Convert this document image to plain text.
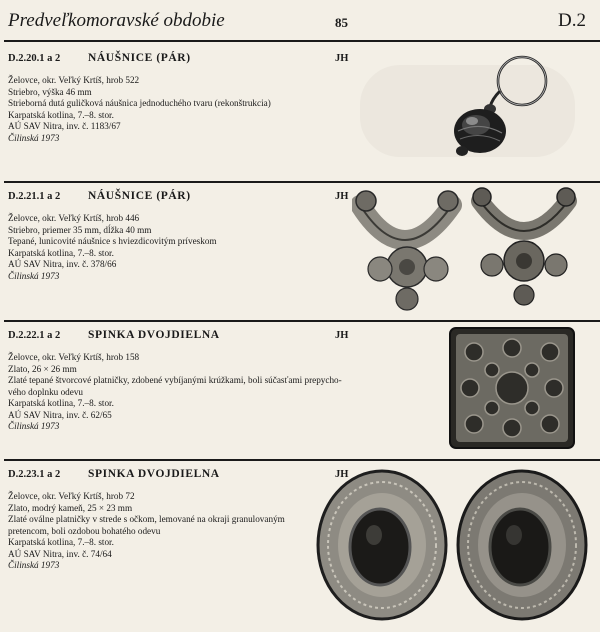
Predveľkomoravské obdobie	85	D.2
D.2.20.1 a 2 NÁUŠNICE (PÁR)	JH
Želovce, okr. Veľký Krtíš, hrob 522
Striebro, výška 46 mm
Strieborná dutá guličková náušnica jednoduchého tvaru (rekonštrukcia)
Karpatská kotlina, 7.–8. stor.
AÚ SAV Nitra, inv. č. 1183/67
Čilinská 1973
D.2.21.1 a 2 NÁUŠNICE (PÁR)	JH
Želovce, okr. Veľký Krtíš, hrob 446
Striebro, priemer 35 mm, dĺžka 40 mm
Tepané, lunicovité náušnice s hviezdicovitým príveskom
Karpatská kotlina, 7.–8. stor.
AÚ SAV Nitra, inv. č. 378/66
Čilinská 1973
D.2.22.1 a 2 SPINKA DVOJDIELNA	JH
Želovce, okr. Veľký Krtíš, hrob 158
Zlato, 26 × 26 mm
Zlaté tepané štvorcové platničky, zdobené vybíjanými krúžkami, boli súčasťami prepycho-
vého doplnku odevu
Karpatská kotlina, 7.–8. stor.
AÚ SAV Nitra, inv. č. 62/65
Čilinská 1973
D.2.23.1 a 2 SPINKA DVOJDIELNA	JH
Želovce, okr. Veľký Krtíš, hrob 72
Zlato, modrý kameň, 25 × 23 mm
Zlaté oválne platničky v strede s očkom, lemované na okraji granulovaným
pretencom, boli ozdobou bohatého odevu
Karpatská kotlina, 7.–8. stor.
AÚ SAV Nitra, inv. č. 74/64
Čilinská 1973
